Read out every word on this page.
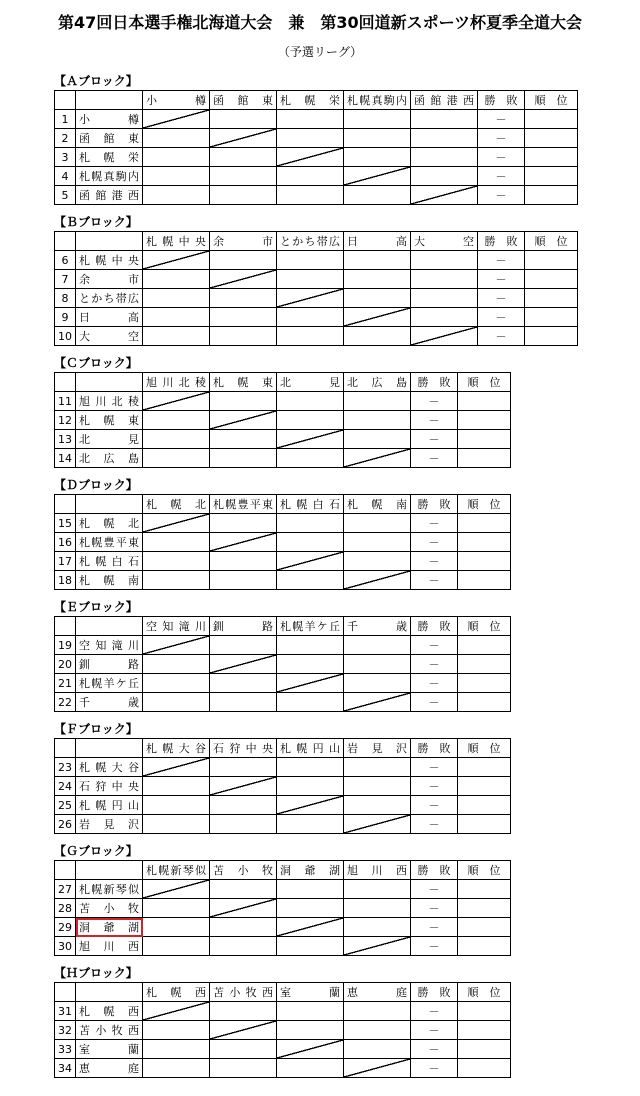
第47回日本選手権北海道大会　兼　第30回道新スポーツ杯夏季全道大会
（予選リーグ）
【Ａブロック】

		小 樽	函 館 東	札 幌 栄	札 幌 真 駒 内	函 館 港 西	勝　敗	順　位
1	小 樽						－	
2	函 館 東						－	
3	札 幌 栄						－	
4	札 幌 真 駒 内						－	
5	函 館 港 西						－	
【Ｂブロック】

		札 幌 中 央	余 市	と か ち 帯 広	日 高	大 空	勝　敗	順　位
6	札 幌 中 央						－	
7	余 市						－	
8	と か ち 帯 広						－	
9	日 高						－	
10	大 空						－	
【Ｃブロック】

		旭 川 北 稜	札 幌 東	北 見	北 広 島	勝　敗	順　位
11	旭 川 北 稜					－	
12	札 幌 東					－	
13	北 見					－	
14	北 広 島					－	
【Ｄブロック】

		札 幌 北	札 幌 豊 平 東	札 幌 白 石	札 幌 南	勝　敗	順　位
15	札 幌 北					－	
16	札 幌 豊 平 東					－	
17	札 幌 白 石					－	
18	札 幌 南					－	
【Ｅブロック】

		空 知 滝 川	釧 路	札 幌 羊 ケ 丘	千 歳	勝　敗	順　位
19	空 知 滝 川					－	
20	釧 路					－	
21	札 幌 羊 ケ 丘					－	
22	千 歳					－	
【Ｆブロック】

		札 幌 大 谷	石 狩 中 央	札 幌 円 山	岩 見 沢	勝　敗	順　位
23	札 幌 大 谷					－	
24	石 狩 中 央					－	
25	札 幌 円 山					－	
26	岩 見 沢					－	
【Ｇブロック】

		札 幌 新 琴 似	苫 小 牧	洞 爺 湖	旭 川 西	勝　敗	順　位
27	札 幌 新 琴 似					－	
28	苫 小 牧					－	
29	洞 爺 湖					－	
30	旭 川 西					－	
【Ｈブロック】

		札 幌 西	苫 小 牧 西	室 蘭	恵 庭	勝　敗	順　位
31	札 幌 西					－	
32	苫 小 牧 西					－	
33	室 蘭					－	
34	恵 庭					－	
